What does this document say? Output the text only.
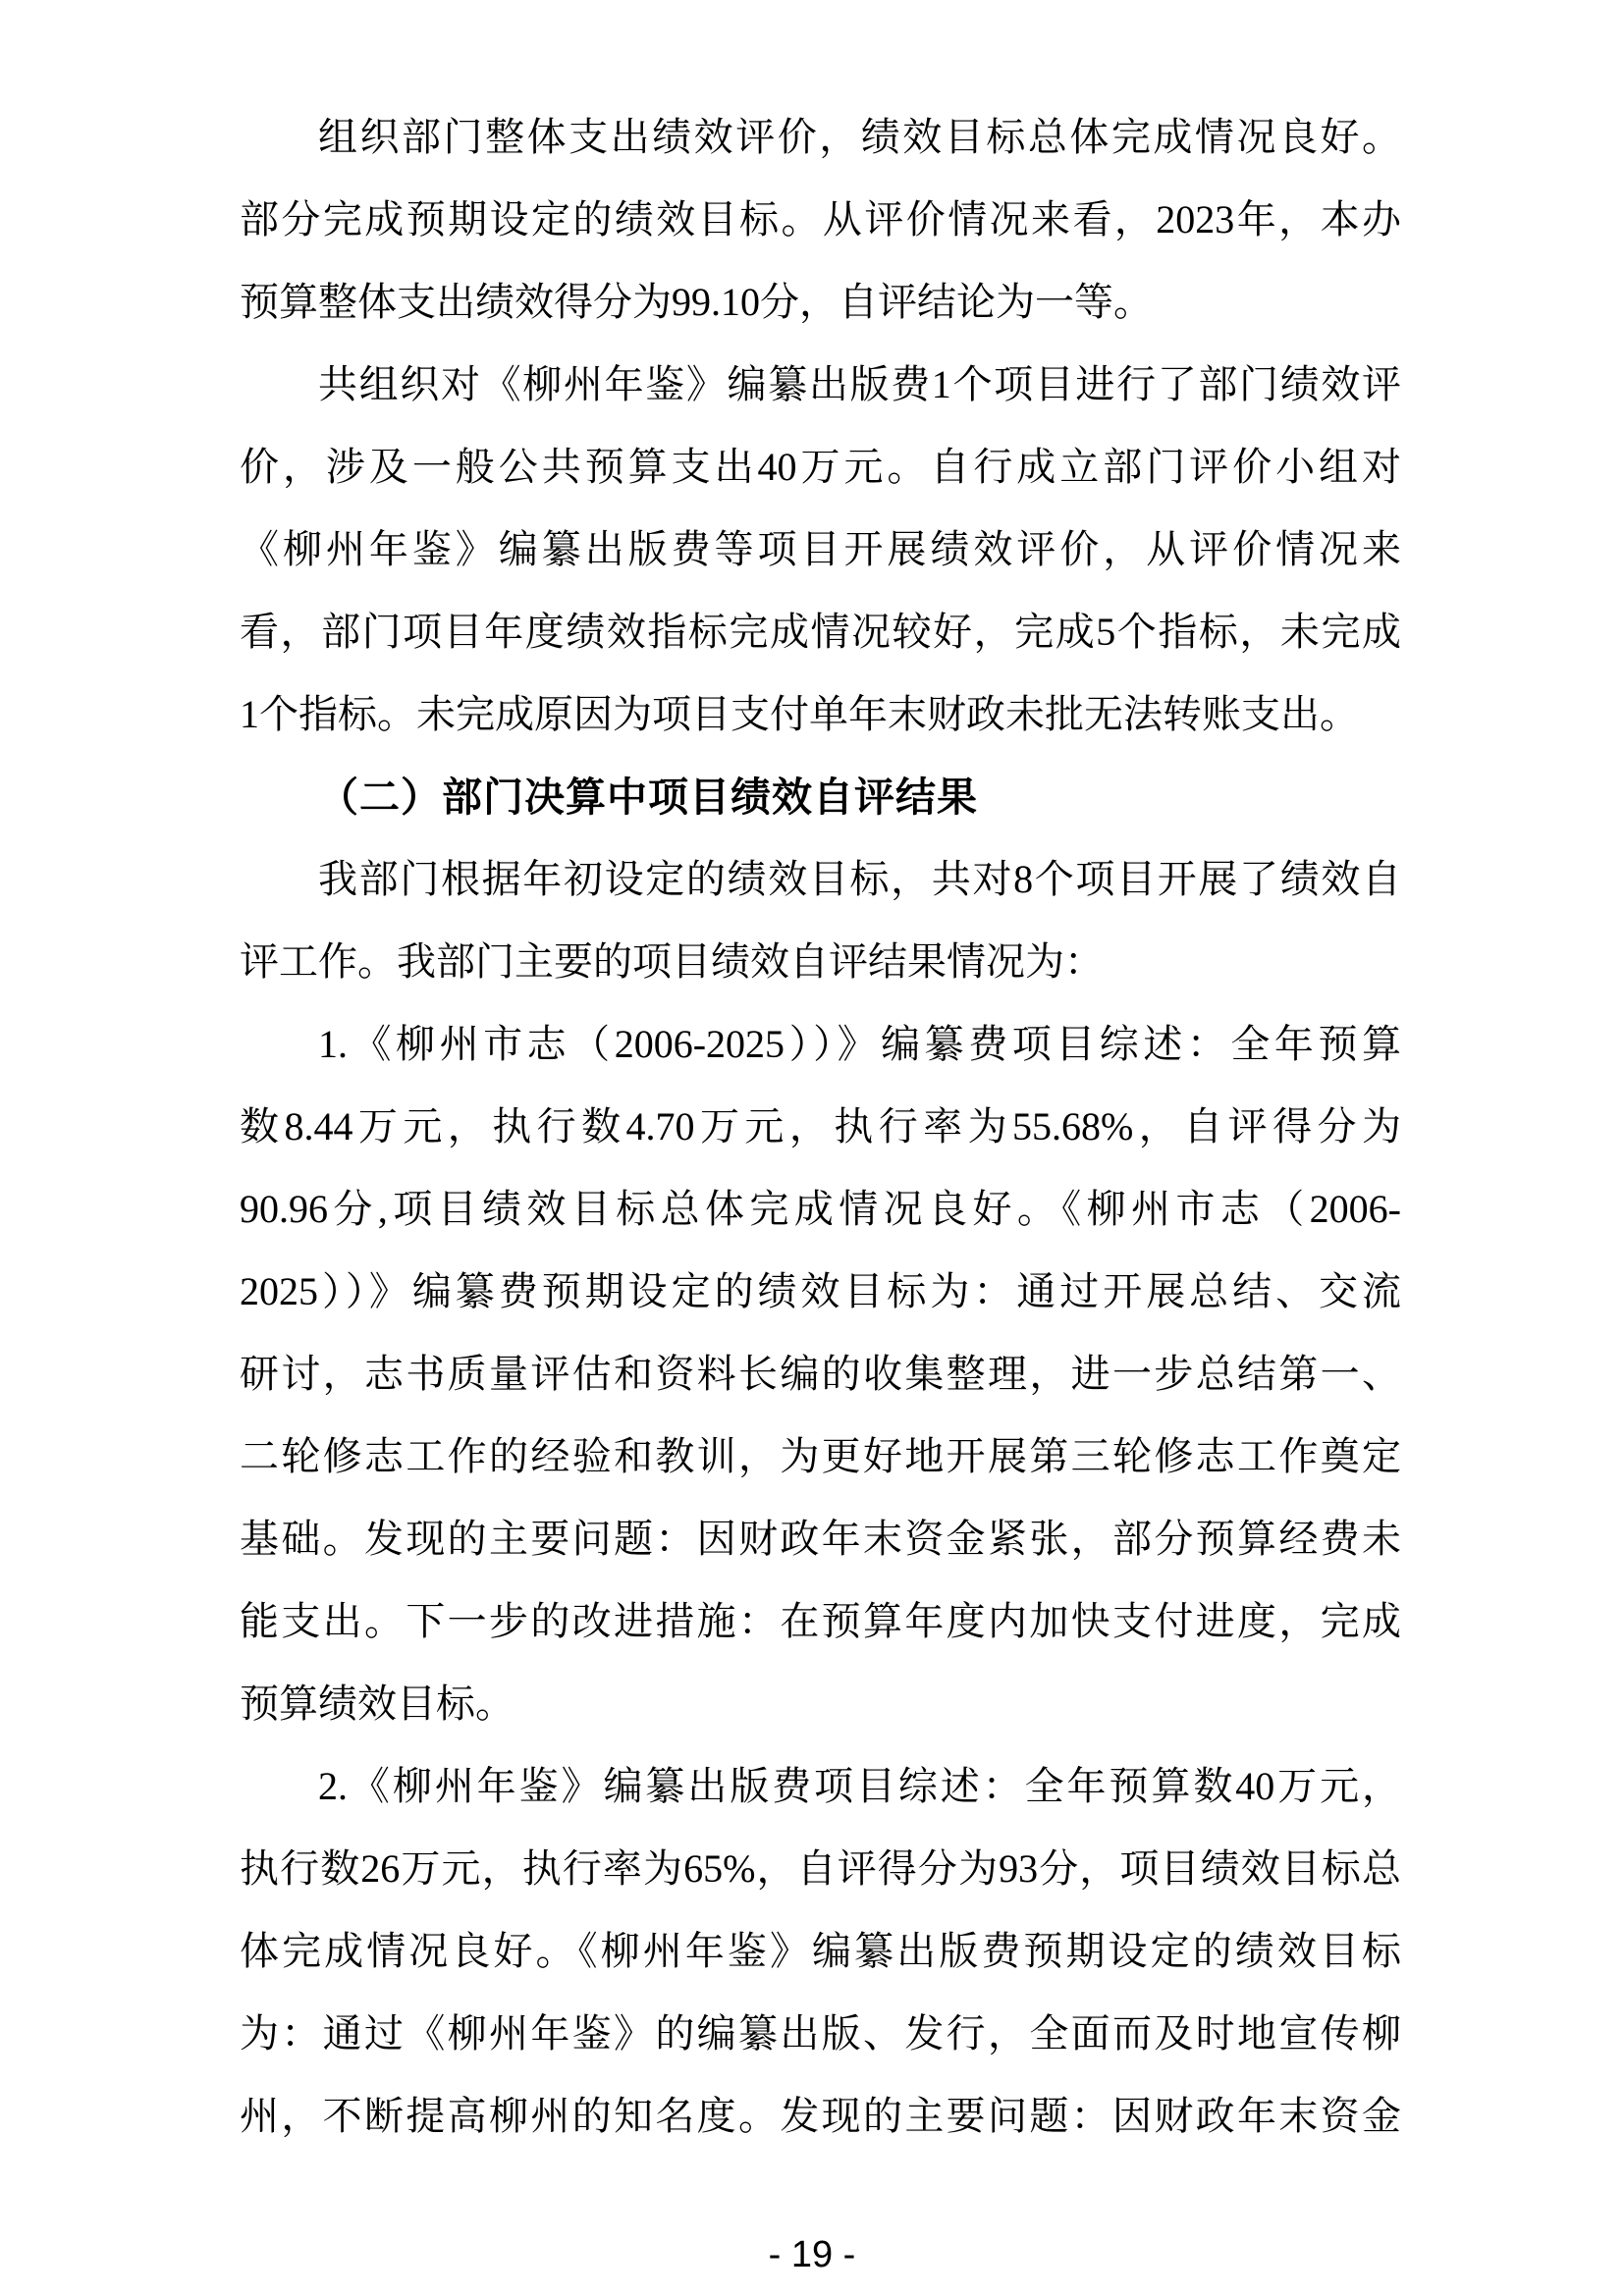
组织部门整体支出绩效评价，绩效目标总体完成情况良好。
部分完成预期设定的绩效目标。从评价情况来看，2023年，本办
预算整体支出绩效得分为99.10分，自评结论为一等。
共组织对《柳州年鉴》编纂出版费1个项目进行了部门绩效评
价，涉及一般公共预算支出40万元。自行成立部门评价小组对
《柳州年鉴》编纂出版费等项目开展绩效评价，从评价情况来
看，部门项目年度绩效指标完成情况较好，完成5个指标，未完成
1个指标。未完成原因为项目支付单年末财政未批无法转账支出。
（二）部门决算中项目绩效自评结果
我部门根据年初设定的绩效目标，共对8个项目开展了绩效自
评工作。我部门主要的项目绩效自评结果情况为：
1.《柳州市志（2006-2025））》编纂费项目综述：全年预算
数8.44万元，执行数4.70万元，执行率为55.68%，自评得分为
90.96分,项目绩效目标总体完成情况良好。《柳州市志（2006-
2025））》编纂费预期设定的绩效目标为：通过开展总结、交流
研讨，志书质量评估和资料长编的收集整理，进一步总结第一、
二轮修志工作的经验和教训，为更好地开展第三轮修志工作奠定
基础。发现的主要问题：因财政年末资金紧张，部分预算经费未
能支出。下一步的改进措施：在预算年度内加快支付进度，完成
预算绩效目标。
2.《柳州年鉴》编纂出版费项目综述：全年预算数40万元，
执行数26万元，执行率为65%，自评得分为93分，项目绩效目标总
体完成情况良好。《柳州年鉴》编纂出版费预期设定的绩效目标
为：通过《柳州年鉴》的编纂出版、发行，全面而及时地宣传柳
州，不断提高柳州的知名度。发现的主要问题：因财政年末资金
- 19 -
